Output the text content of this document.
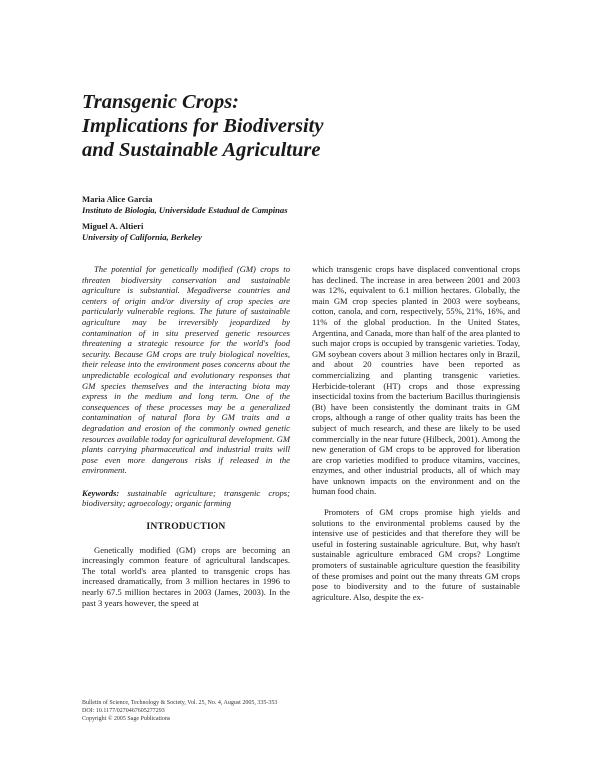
Transgenic Crops:
Implications for Biodiversity
and Sustainable Agriculture
Maria Alice Garcia
Instituto de Biologia, Universidade Estadual de Campinas
Miguel A. Altieri
University of California, Berkeley

The potential for genetically modified (GM) crops to threaten biodiversity conservation and sustainable agriculture is substantial. Megadiverse countries and centers of origin and/or diversity of crop species are particularly vulnerable regions. The future of sustainable agriculture may be irreversibly jeopardized by contamination of in situ preserved genetic resources threatening a strategic resource for the world's food security. Because GM crops are truly biological novelties, their release into the environment poses concerns about the unpredictable ecological and evolutionary responses that GM species themselves and the interacting biota may express in the medium and long term. One of the consequences of these processes may be a generalized contamination of natural flora by GM traits and a degradation and erosion of the commonly owned genetic resources available today for agricultural development. GM plants carrying pharmaceutical and industrial traits will pose even more dangerous risks if released in the environment.

Keywords: sustainable agriculture; transgenic crops; biodiversity; agroecology; organic farming

INTRODUCTION

Genetically modified (GM) crops are becoming an increasingly common feature of agricultural landscapes. The total world's area planted to transgenic crops has increased dramatically, from 3 million hectares in 1996 to nearly 67.5 million hectares in 2003 (James, 2003). In the past 3 years however, the speed at

which transgenic crops have displaced conventional crops has declined. The increase in area between 2001 and 2003 was 12%, equivalent to 6.1 million hectares. Globally, the main GM crop species planted in 2003 were soybeans, cotton, canola, and corn, respectively, 55%, 21%, 16%, and 11% of the global production. In the United States, Argentina, and Canada, more than half of the area planted to such major crops is occupied by transgenic varieties. Today, GM soybean covers about 3 million hectares only in Brazil, and about 20 countries have been reported as commercializing and planting transgenic varieties. Herbicide-tolerant (HT) crops and those expressing insecticidal toxins from the bacterium Bacillus thuringiensis (Bt) have been consistently the dominant traits in GM crops, although a range of other quality traits has been the subject of much research, and these are likely to be used commercially in the near future (Hilbeck, 2001). Among the new generation of GM crops to be approved for liberation are crop varieties modified to produce vitamins, vaccines, enzymes, and other industrial products, all of which may have unknown impacts on the environment and on the human food chain.

Promoters of GM crops promise high yields and solutions to the environmental problems caused by the intensive use of pesticides and that therefore they will be useful in fostering sustainable agriculture. But, why hasn't sustainable agriculture embraced GM crops? Longtime promoters of sustainable agriculture question the feasibility of these promises and point out the many threats GM crops pose to biodiversity and to the future of sustainable agriculture. Also, despite the ex-

Bulletin of Science, Technology & Society, Vol. 25, No. 4, August 2005, 335-353
DOI: 10.1177/0270467605277293
Copyright © 2005 Sage Publications
